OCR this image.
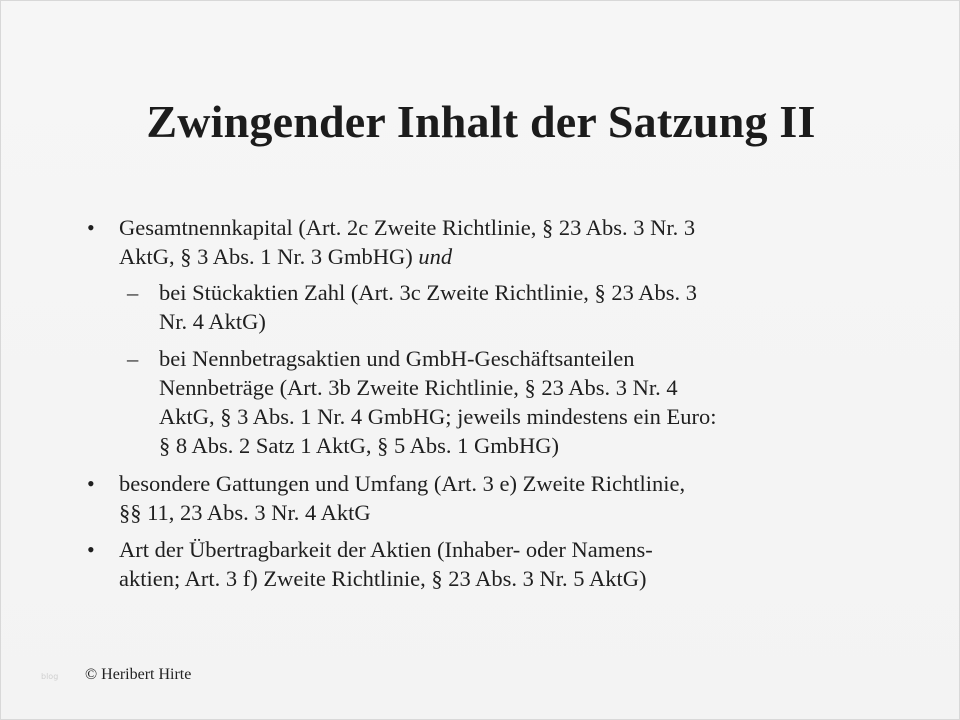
blog
Zwingender Inhalt der Satzung II

• Gesamtnennkapital (Art. 2c Zweite Richtlinie, § 23 Abs. 3 Nr. 3
AktG, § 3 Abs. 1 Nr. 3 GmbHG) und

– bei Stückaktien Zahl (Art. 3c Zweite Richtlinie, § 23 Abs. 3
Nr. 4 AktG)

– bei Nennbetragsaktien und GmbH-Geschäftsanteilen
Nennbeträge (Art. 3b Zweite Richtlinie, § 23 Abs. 3 Nr. 4
AktG, § 3 Abs. 1 Nr. 4 GmbHG; jeweils mindestens ein Euro:
§ 8 Abs. 2 Satz 1 AktG, § 5 Abs. 1 GmbHG)

• besondere Gattungen und Umfang (Art. 3 e) Zweite Richtlinie,
§§ 11, 23 Abs. 3 Nr. 4 AktG

• Art der Übertragbarkeit der Aktien (Inhaber- oder Namens-
aktien; Art. 3 f) Zweite Richtlinie, § 23 Abs. 3 Nr. 5 AktG)

© Heribert Hirte
